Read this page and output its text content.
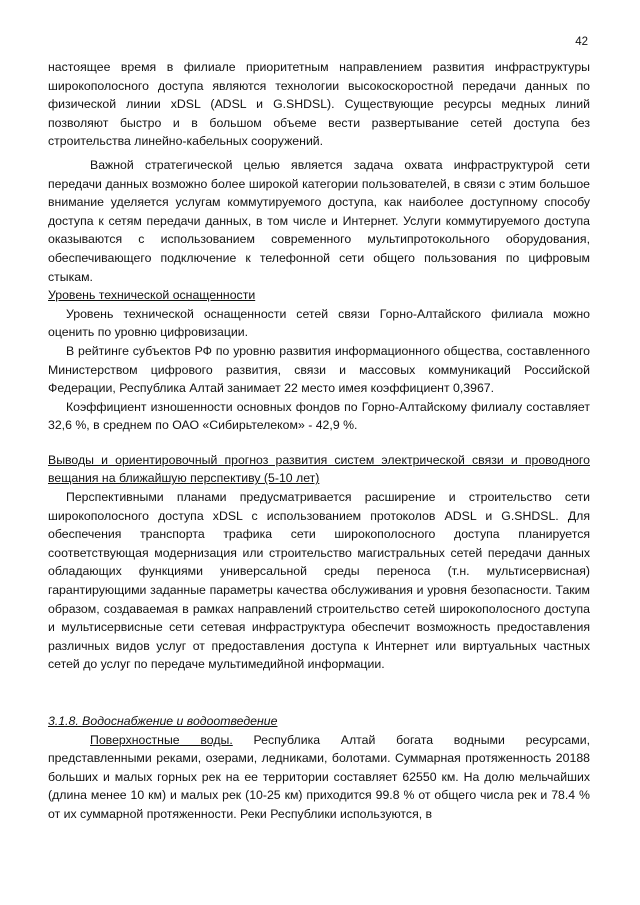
42

настоящее время в филиале приоритетным направлением развития инфраструктуры широкополосного доступа являются технологии высокоскоростной передачи данных по физической линии xDSL (ADSL и G.SHDSL). Существующие ресурсы медных линий позволяют быстро и в большом объеме вести развертывание сетей доступа без строительства линейно-кабельных сооружений.

Важной стратегической целью является задача охвата инфраструктурой сети передачи данных возможно более широкой категории пользователей, в связи с этим большое внимание уделяется услугам коммутируемого доступа, как наиболее доступному способу доступа к сетям передачи данных, в том числе и Интернет. Услуги коммутируемого доступа оказываются с использованием современного мультипротокольного оборудования, обеспечивающего подключение к телефонной сети общего пользования по цифровым стыкам.

Уровень технической оснащенности

Уровень технической оснащенности сетей связи Горно-Алтайского филиала можно оценить по уровню цифровизации.

В рейтинге субъектов РФ по уровню развития информационного общества, составленного Министерством цифрового развития, связи и массовых коммуникаций Российской Федерации, Республика Алтай занимает 22 место имея коэффициент 0,3967.

Коэффициент изношенности основных фондов по Горно-Алтайскому филиалу составляет 32,6 %, в среднем по ОАО «Сибирьтелеком» - 42,9 %.

Выводы и ориентировочный прогноз развития систем электрической связи и проводного вещания на ближайшую перспективу (5-10 лет)

Перспективными планами предусматривается расширение и строительство сети широкополосного доступа xDSL с использованием протоколов ADSL и G.SHDSL. Для обеспечения транспорта трафика сети широкополосного доступа планируется соответствующая модернизация или строительство магистральных сетей передачи данных обладающих функциями универсальной среды переноса (т.н. мультисервисная) гарантирующими заданные параметры качества обслуживания и уровня безопасности. Таким образом, создаваемая в рамках направлений строительство сетей широкополосного доступа и мультисервисные сети сетевая инфраструктура обеспечит возможность предоставления различных видов услуг от предоставления доступа к Интернет или виртуальных частных сетей до услуг по передаче мультимедийной информации.

3.1.8. Водоснабжение и водоотведение

Поверхностные воды. Республика Алтай богата водными ресурсами, представленными реками, озерами, ледниками, болотами. Суммарная протяженность 20188 больших и малых горных рек на ее территории составляет 62550 км. На долю мельчайших (длина менее 10 км) и малых рек (10-25 км) приходится 99.8 % от общего числа рек и 78.4 % от их суммарной протяженности. Реки Республики используются, в
